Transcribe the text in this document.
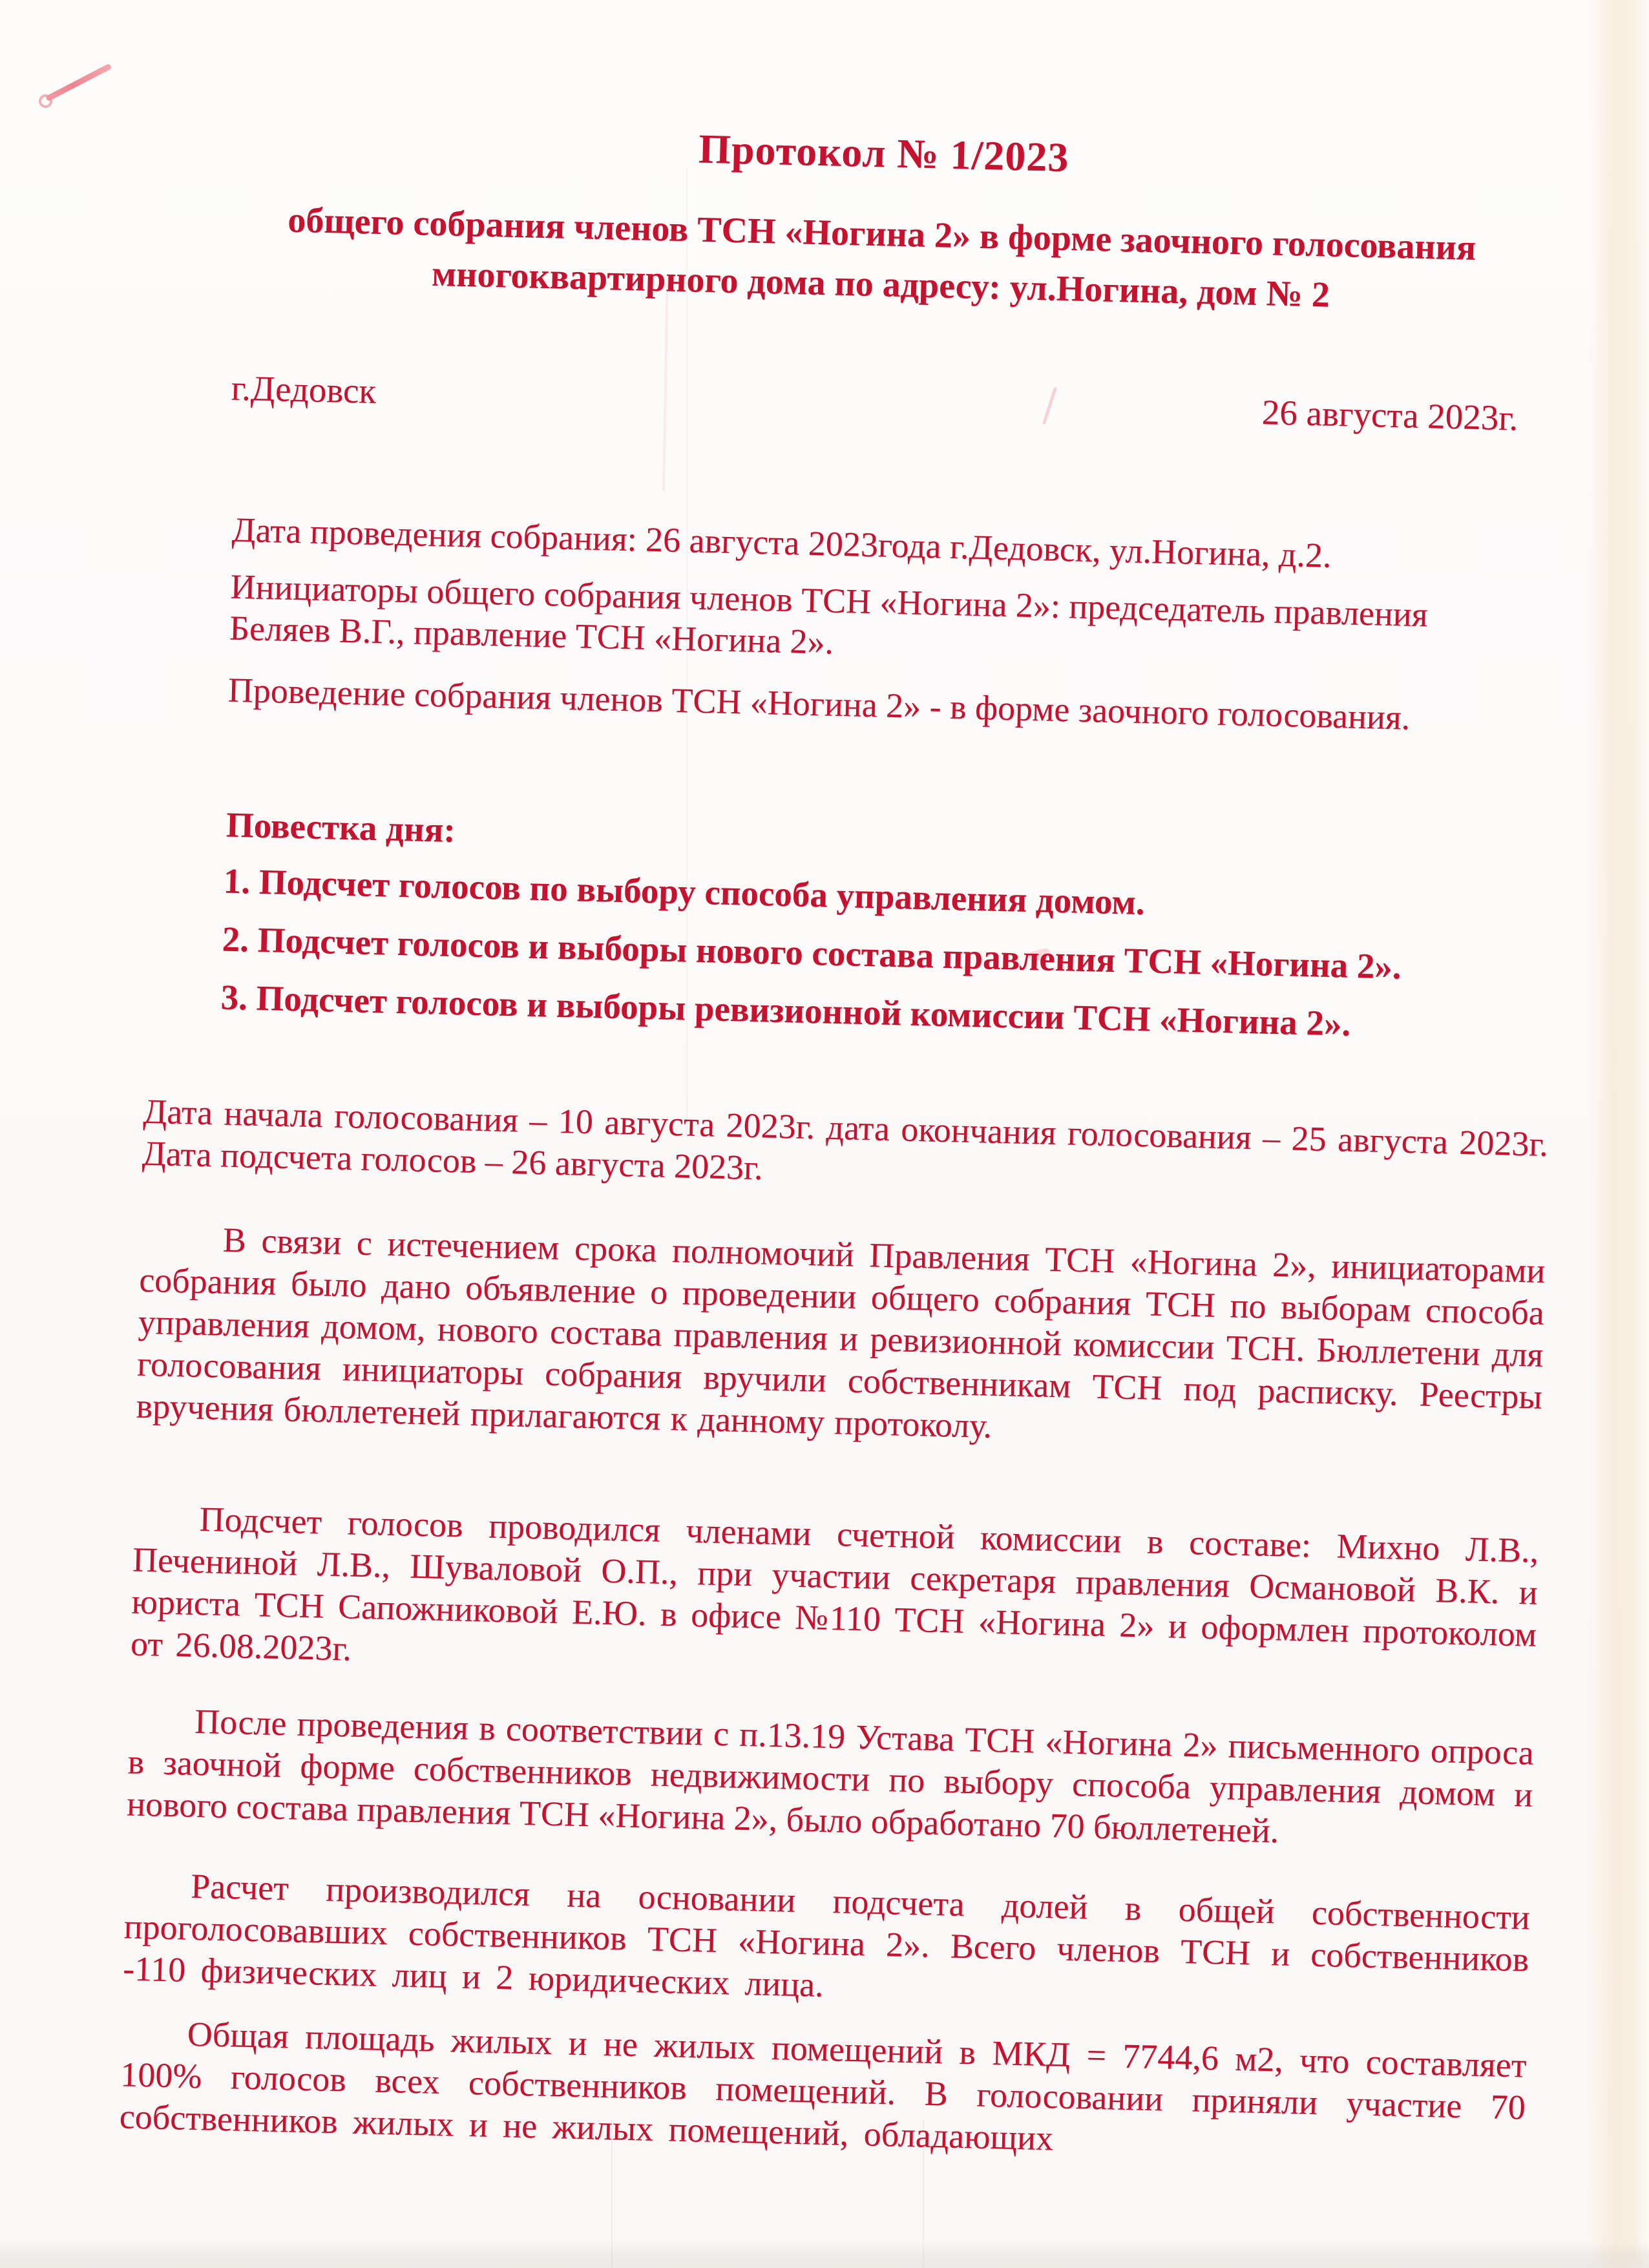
Протокол № 1/2023
общего собрания членов ТСН «Ногина 2» в форме заочного голосования
многоквартирного дома по адресу: ул.Ногина, дом № 2
г.Дедовск
26 августа 2023г.

Дата проведения собрания: 26 августа 2023года г.Дедовск, ул.Ногина, д.2.

Инициаторы общего собрания членов ТСН «Ногина 2»: председатель правления Беляев В.Г., правление ТСН «Ногина 2».

Проведение собрания членов ТСН «Ногина 2» - в форме заочного голосования.

Повестка дня:
1. Подсчет голосов по выбору способа управления домом.
2. Подсчет голосов и выборы нового состава правления ТСН «Ногина 2».
3. Подсчет голосов и выборы ревизионной комиссии ТСН «Ногина 2».

Дата начала голосования – 10 августа 2023г. дата окончания голосования – 25 августа 2023г. Дата подсчета голосов – 26 августа 2023г.

В связи с истечением срока полномочий Правления ТСН «Ногина 2», инициаторами собрания было дано объявление о проведении общего собрания ТСН по выборам способа управления домом, нового состава правления и ревизионной комиссии ТСН. Бюллетени для голосования инициаторы собрания вручили собственникам ТСН под расписку. Реестры вручения бюллетеней прилагаются к данному протоколу.

Подсчет голосов проводился членами счетной комиссии в составе: Михно Л.В., Печениной Л.В., Шуваловой О.П., при участии секретаря правления Османовой В.К. и юриста ТСН Сапожниковой Е.Ю. в офисе №110 ТСН «Ногина 2» и оформлен протоколом от 26.08.2023г.

После проведения в соответствии с п.13.19 Устава ТСН «Ногина 2» письменного опроса в заочной форме собственников недвижимости по выбору способа управления домом и нового состава правления ТСН «Ногина 2», было обработано 70 бюллетеней.

Расчет производился на основании подсчета долей в общей собственности проголосовавших собственников ТСН «Ногина 2». Всего членов ТСН и собственников -110 физических лиц и 2 юридических лица.

Общая площадь жилых и не жилых помещений в МКД = 7744,6 м2, что составляет 100% голосов всех собственников помещений. В голосовании приняли участие 70 собственников жилых и не жилых помещений, обладающих
